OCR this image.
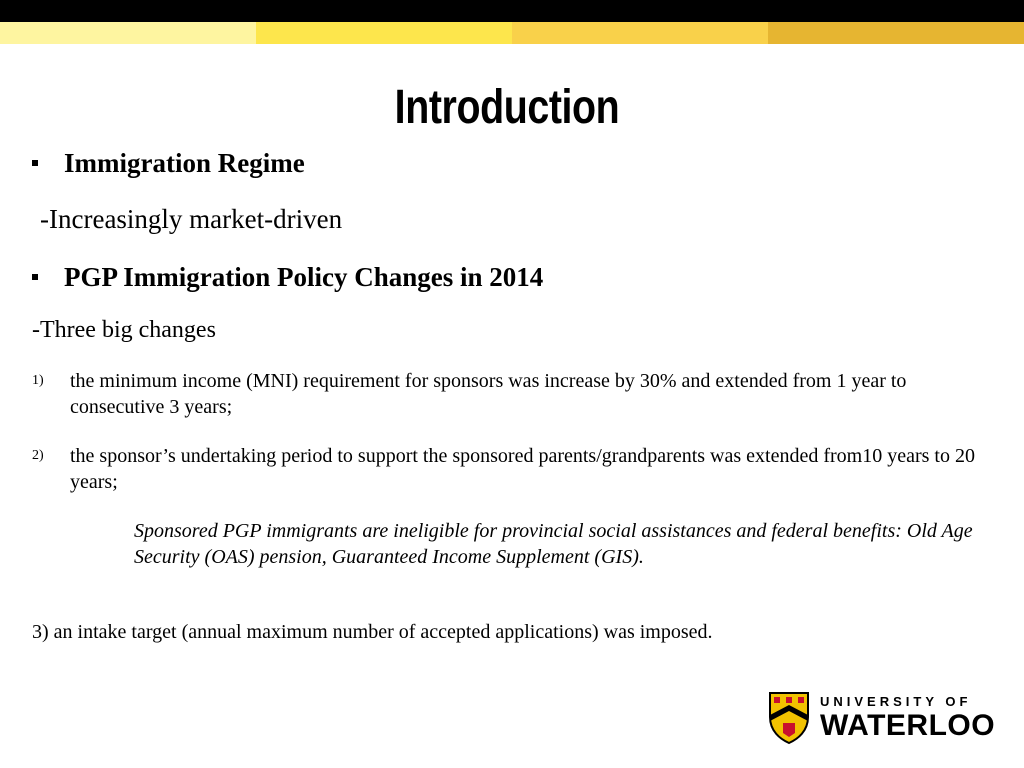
Introduction
Immigration Regime
-Increasingly market-driven
PGP Immigration Policy Changes in 2014
-Three big changes
1)	the minimum income (MNI) requirement for sponsors was increase by 30% and extended from 1 year to consecutive 3 years;
2)	the sponsor’s undertaking period to support the sponsored parents/grandparents was extended from10 years to 20 years;
Sponsored PGP immigrants are ineligible for provincial social assistances and federal benefits: Old Age Security (OAS) pension, Guaranteed Income Supplement (GIS).
3) an intake target (annual maximum number of accepted applications) was imposed.
UNIVERSITY OF
WATERLOO
